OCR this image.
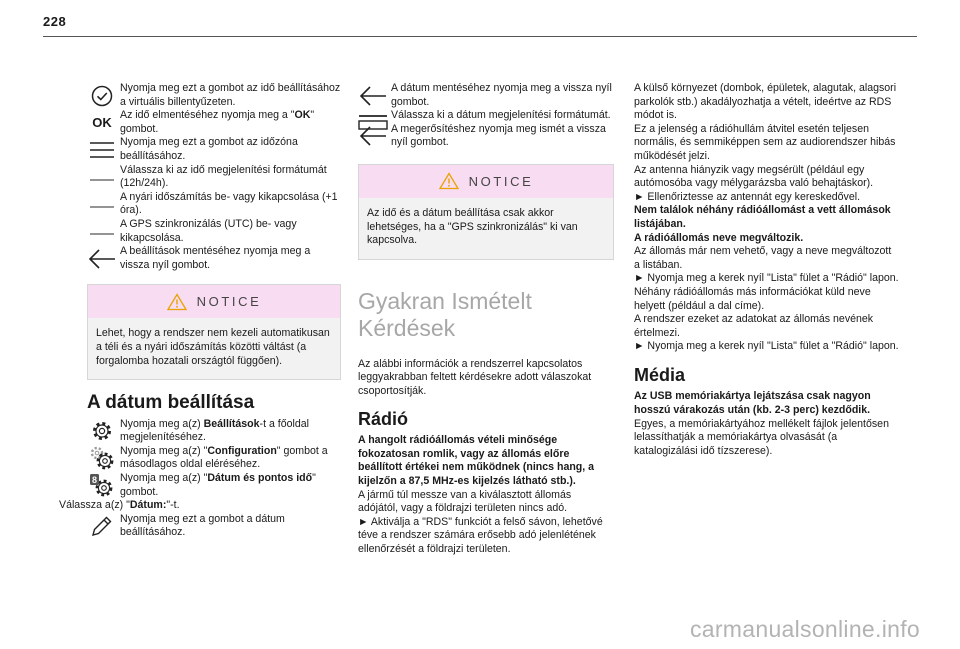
228
Nyomja meg ezt a gombot az idő beállításához a virtuális billentyűzeten.
OK Az idő elmentéséhez nyomja meg a "OK" gombot.
Nyomja meg ezt a gombot az időzóna beállításához.
Válassza ki az idő megjelenítési formátumát (12h/24h).
A nyári időszámítás be- vagy kikapcsolása (+1 óra).
A GPS szinkronizálás (UTC) be- vagy kikapcsolása.
A beállítások mentéséhez nyomja meg a vissza nyíl gombot.
NOTICE
Lehet, hogy a rendszer nem kezeli automatikusan a téli és a nyári időszámítás közötti váltást (a forgalomba hozatali országtól függően).
A dátum beállítása
Nyomja meg a(z) Beállítások-t a főoldal megjelenítéséhez.
Nyomja meg a(z) "Configuration" gombot a másodlagos oldal eléréséhez.
8 Nyomja meg a(z) "Dátum és pontos idő" gombot.
Válassza a(z) "Dátum:"-t.
Nyomja meg ezt a gombot a dátum beállításához.
A dátum mentéséhez nyomja meg a vissza nyíl gombot.
Válassza ki a dátum megjelenítési formátumát.
A megerősítéshez nyomja meg ismét a vissza nyíl gombot.
NOTICE
Az idő és a dátum beállítása csak akkor lehetséges, ha a "GPS szinkronizálás" ki van kapcsolva.
Gyakran Ismételt
Kérdések
Az alábbi információk a rendszerrel kapcsolatos leggyakrabban feltett kérdésekre adott válaszokat csoportosítják.
Rádió
A hangolt rádióállomás vételi minősége fokozatosan romlik, vagy az állomás előre beállított értékei nem működnek (nincs hang, a kijelzőn a 87,5 MHz-es kijelzés látható stb.).
A jármű túl messze van a kiválasztott állomás adójától, vagy a földrajzi területen nincs adó.
► Aktiválja a "RDS" funkciót a felső sávon, lehetővé téve a rendszer számára erősebb adó jelenlétének ellenőrzését a földrajzi területen.
A külső környezet (dombok, épületek, alagutak, alagsori parkolók stb.) akadályozhatja a vételt, ideértve az RDS módot is.
Ez a jelenség a rádióhullám átvitel esetén teljesen normális, és semmiképpen sem az audiorendszer hibás működését jelzi.
Az antenna hiányzik vagy megsérült (például egy autómosóba vagy mélygarázsba való behajtáskor).
► Ellenőriztesse az antennát egy kereskedővel.
Nem találok néhány rádióállomást a vett állomások listájában.
A rádióállomás neve megváltozik.
Az állomás már nem vehető, vagy a neve megváltozott a listában.
► Nyomja meg a kerek nyíl "Lista" fület a "Rádió" lapon.
Néhány rádióállomás más információkat küld neve helyett (például a dal címe).
A rendszer ezeket az adatokat az állomás nevének értelmezi.
► Nyomja meg a kerek nyíl "Lista" fület a "Rádió" lapon.
Média
Az USB memóriakártya lejátszása csak nagyon hosszú várakozás után (kb. 2-3 perc) kezdődik.
Egyes, a memóriakártyához mellékelt fájlok jelentősen lelassíthatják a memóriakártya olvasását (a katalogizálási idő tízszerese).
carmanualsonline.info
